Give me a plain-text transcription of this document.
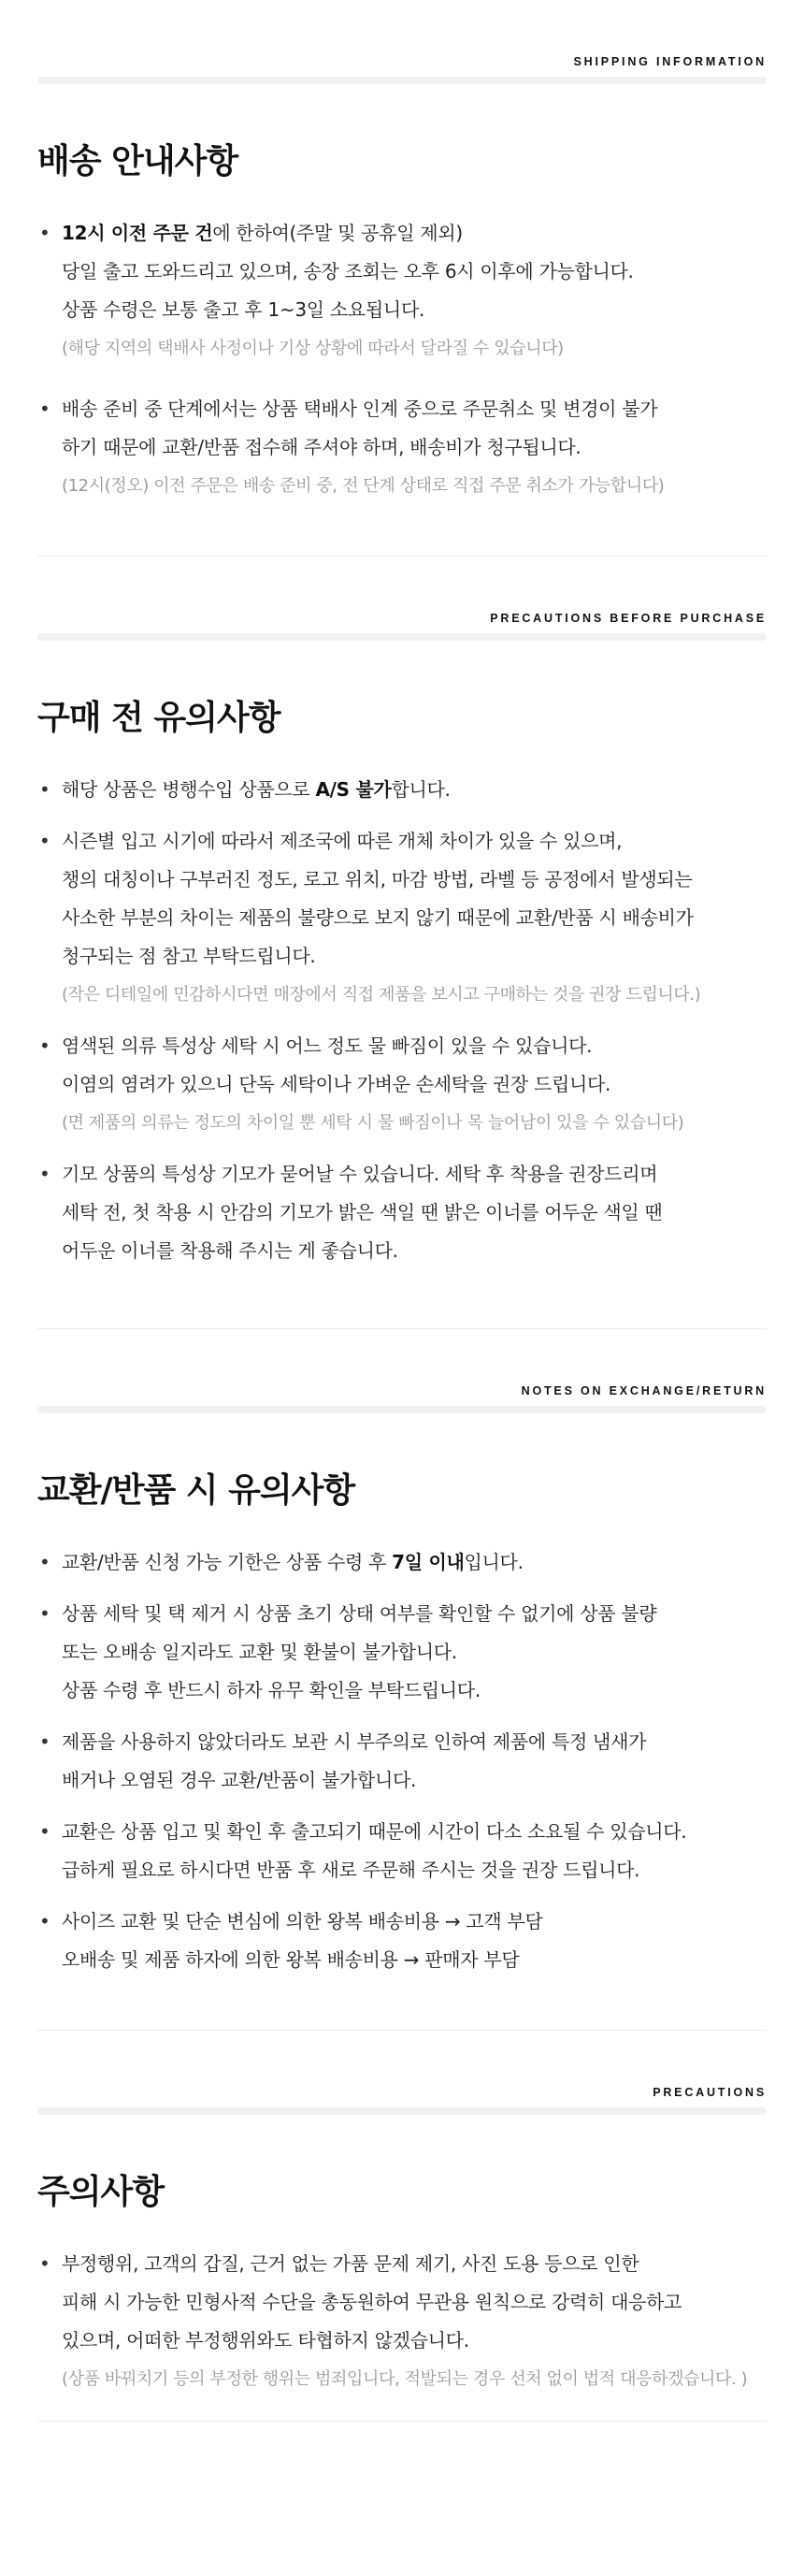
SHIPPING INFORMATION
배송 안내사항
• 12시 이전 주문 건에 한하여(주말 및 공휴일 제외)
당일 출고 도와드리고 있으며, 송장 조회는 오후 6시 이후에 가능합니다.
상품 수령은 보통 출고 후 1~3일 소요됩니다.
(해당 지역의 택배사 사정이나 기상 상황에 따라서 달라질 수 있습니다)
• 배송 준비 중 단계에서는 상품 택배사 인계 중으로 주문취소 및 변경이 불가
하기 때문에 교환/반품 접수해 주셔야 하며, 배송비가 청구됩니다.
(12시(정오) 이전 주문은 배송 준비 중, 전 단계 상태로 직접 주문 취소가 가능합니다)
PRECAUTIONS BEFORE PURCHASE
구매 전 유의사항
• 해당 상품은 병행수입 상품으로 A/S 불가합니다.
• 시즌별 입고 시기에 따라서 제조국에 따른 개체 차이가 있을 수 있으며,
챙의 대칭이나 구부러진 정도, 로고 위치, 마감 방법, 라벨 등 공정에서 발생되는
사소한 부분의 차이는 제품의 불량으로 보지 않기 때문에 교환/반품 시 배송비가
청구되는 점 참고 부탁드립니다.
(작은 디테일에 민감하시다면 매장에서 직접 제품을 보시고 구매하는 것을 권장 드립니다.)
• 염색된 의류 특성상 세탁 시 어느 정도 물 빠짐이 있을 수 있습니다.
이염의 염려가 있으니 단독 세탁이나 가벼운 손세탁을 권장 드립니다.
(면 제품의 의류는 정도의 차이일 뿐 세탁 시 물 빠짐이나 목 늘어남이 있을 수 있습니다)
• 기모 상품의 특성상 기모가 묻어날 수 있습니다. 세탁 후 착용을 권장드리며
세탁 전, 첫 착용 시 안감의 기모가 밝은 색일 땐 밝은 이너를 어두운 색일 땐
어두운 이너를 착용해 주시는 게 좋습니다.
NOTES ON EXCHANGE/RETURN
교환/반품 시 유의사항
• 교환/반품 신청 가능 기한은 상품 수령 후 7일 이내입니다.
• 상품 세탁 및 택 제거 시 상품 초기 상태 여부를 확인할 수 없기에 상품 불량
또는 오배송 일지라도 교환 및 환불이 불가합니다.
상품 수령 후 반드시 하자 유무 확인을 부탁드립니다.
• 제품을 사용하지 않았더라도 보관 시 부주의로 인하여 제품에 특정 냄새가
배거나 오염된 경우 교환/반품이 불가합니다.
• 교환은 상품 입고 및 확인 후 출고되기 때문에 시간이 다소 소요될 수 있습니다.
급하게 필요로 하시다면 반품 후 새로 주문해 주시는 것을 권장 드립니다.
• 사이즈 교환 및 단순 변심에 의한 왕복 배송비용 → 고객 부담
오배송 및 제품 하자에 의한 왕복 배송비용 → 판매자 부담
PRECAUTIONS
주의사항
• 부정행위, 고객의 갑질, 근거 없는 가품 문제 제기, 사진 도용 등으로 인한
피해 시 가능한 민형사적 수단을 총동원하여 무관용 원칙으로 강력히 대응하고
있으며, 어떠한 부정행위와도 타협하지 않겠습니다.
(상품 바꿔치기 등의 부정한 행위는 범죄입니다, 적발되는 경우 선처 없이 법적 대응하겠습니다. )
